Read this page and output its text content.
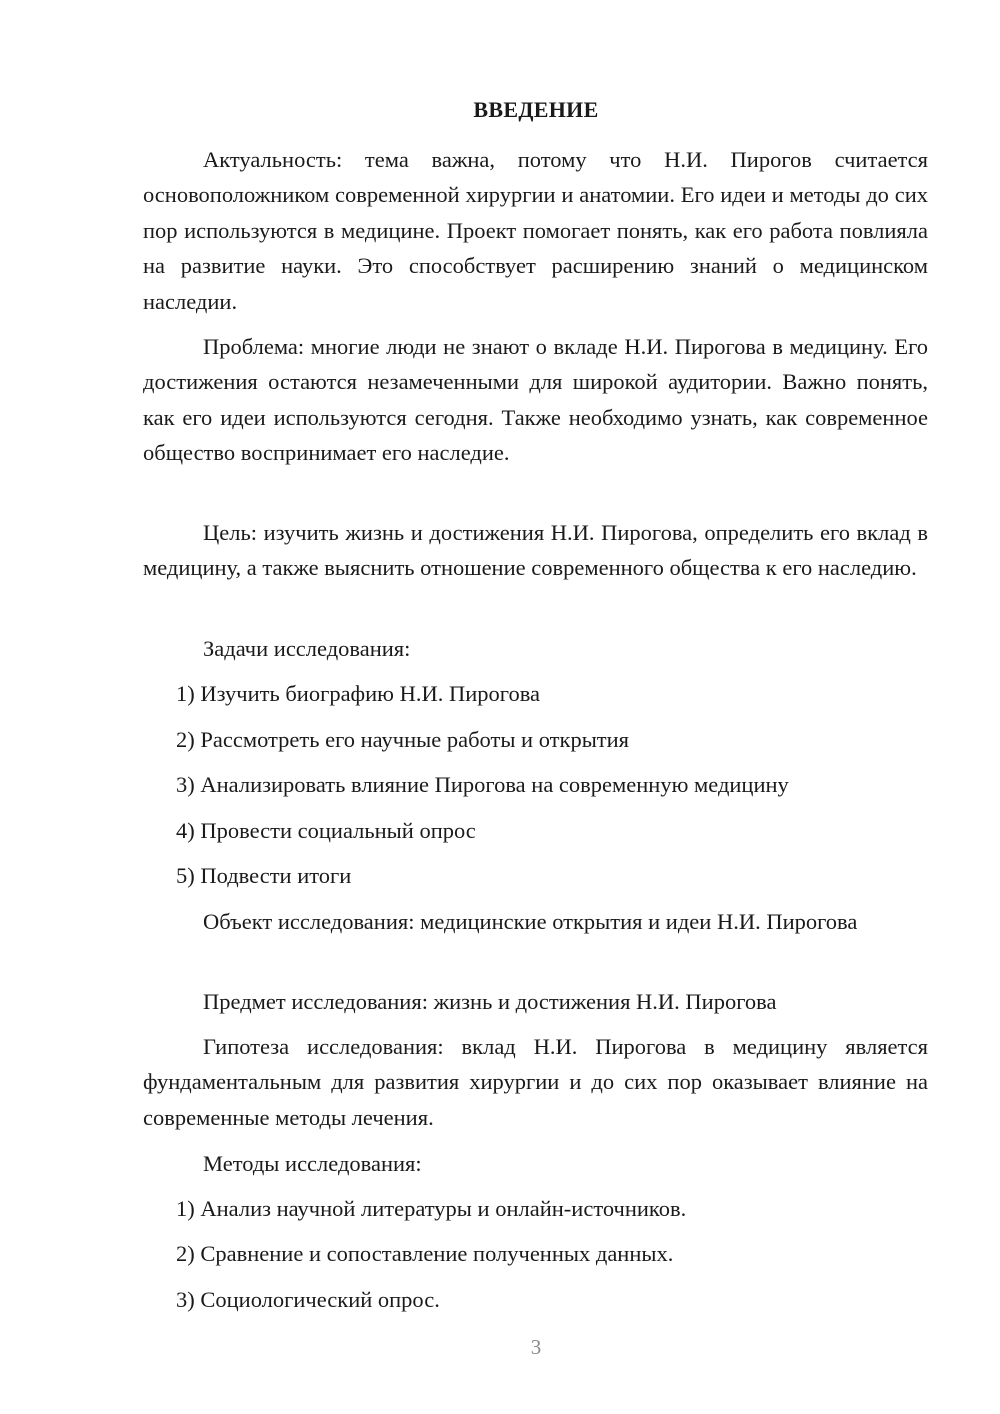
ВВЕДЕНИЕ

Актуальность: тема важна, потому что Н.И. Пирогов считается основоположником современной хирургии и анатомии. Его идеи и методы до сих пор используются в медицине. Проект помогает понять, как его работа повлияла на развитие науки. Это способствует расширению знаний о медицинском наследии.

Проблема: многие люди не знают о вкладе Н.И. Пирогова в медицину. Его достижения остаются незамеченными для широкой аудитории. Важно понять, как его идеи используются сегодня. Также необходимо узнать, как современное общество воспринимает его наследие.

Цель: изучить жизнь и достижения Н.И. Пирогова, определить его вклад в медицину, а также выяснить отношение современного общества к его наследию.

Задачи исследования:

1) Изучить биографию Н.И. Пирогова

2) Рассмотреть его научные работы и открытия

3) Анализировать влияние Пирогова на современную медицину

4) Провести социальный опрос

5) Подвести итоги

Объект исследования: медицинские открытия и идеи Н.И. Пирогова

Предмет исследования: жизнь и достижения Н.И. Пирогова

Гипотеза исследования: вклад Н.И. Пирогова в медицину является фундаментальным для развития хирургии и до сих пор оказывает влияние на современные методы лечения.

Методы исследования:

1) Анализ научной литературы и онлайн-источников.

2) Сравнение и сопоставление полученных данных.

3) Социологический опрос.

3
